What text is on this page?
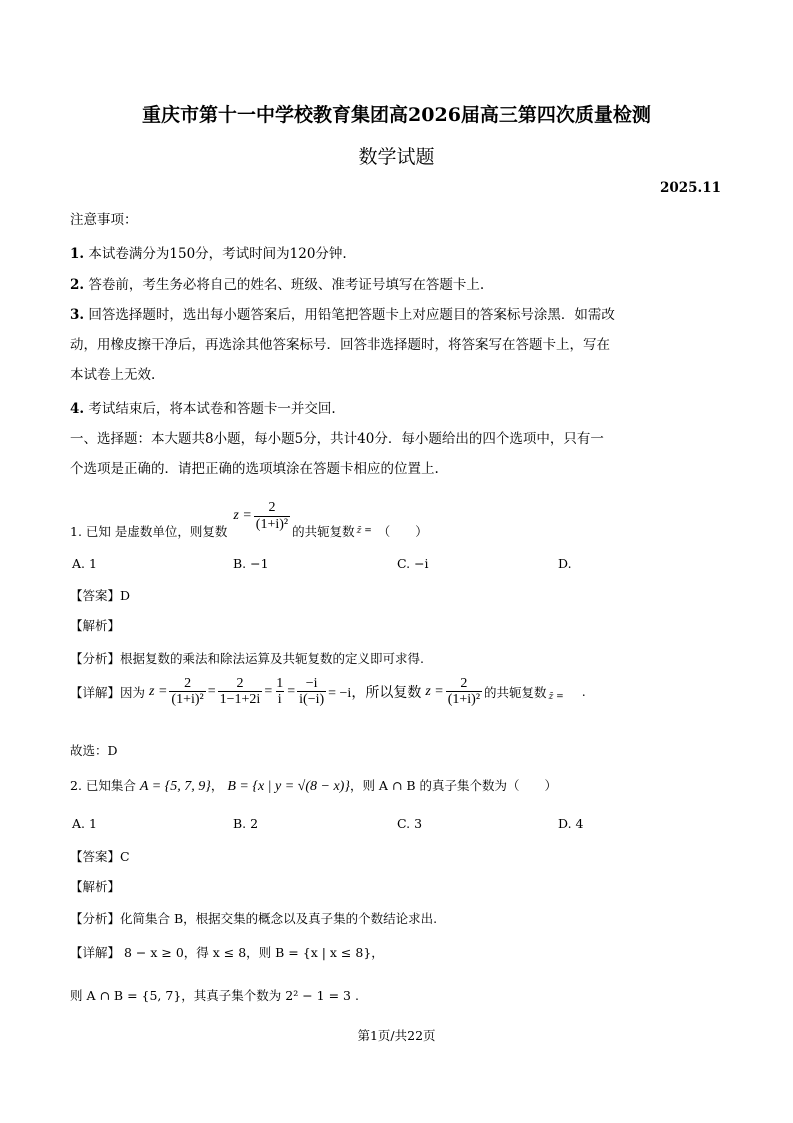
重庆市第十一中学校教育集团高2026届高三第四次质量检测
数学试题
2025.11
注意事项：
1. 本试卷满分为150分，考试时间为120分钟.
2. 答卷前，考生务必将自己的姓名、班级、准考证号填写在答题卡上.
3. 回答选择题时，选出每小题答案后，用铅笔把答题卡上对应题目的答案标号涂黑．如需改
动，用橡皮擦干净后，再选涂其他答案标号．回答非选择题时，将答案写在答题卡上，写在
本试卷上无效.
4. 考试结束后，将本试卷和答题卡一并交回.
一、选择题：本大题共8小题，每小题5分，共计40分．每小题给出的四个选项中，只有一
个选项是正确的．请把正确的选项填涂在答题卡相应的位置上.
1. 已知 是虚数单位，则复数
$z = \frac{2}{\text{(1+i)²}}$ 的共轭复数 z̄ = （　　）
A. 1	B. −1	C. −i	D.
【答案】D
【解析】
【分析】根据复数的乘法和除法运算及共轭复数的定义即可求得.
【详解】因为 $z = \frac{2}{\text{(1+i)²}} = \frac{2}{1-1+2i} = \frac{1}{i} = \frac{-i}{i(-i)} = -i$，所以复数 $z = \frac{2}{\text{(1+i)²}}$ 的共轭复数 z̄ = .
故选：D
2. 已知集合 A = {5, 7, 9}， B = {x | y = √(8 − x)}，则 A ∩ B 的真子集个数为（　　）
A. 1	B. 2	C. 3	D. 4
【答案】C
【解析】
【分析】化简集合 B，根据交集的概念以及真子集的个数结论求出.
【详解】 8 − x ≥ 0，得 x ≤ 8，则 B = {x | x ≤ 8}，
则 A ∩ B = {5, 7}，其真子集个数为 2² − 1 = 3 .
第1页/共22页
